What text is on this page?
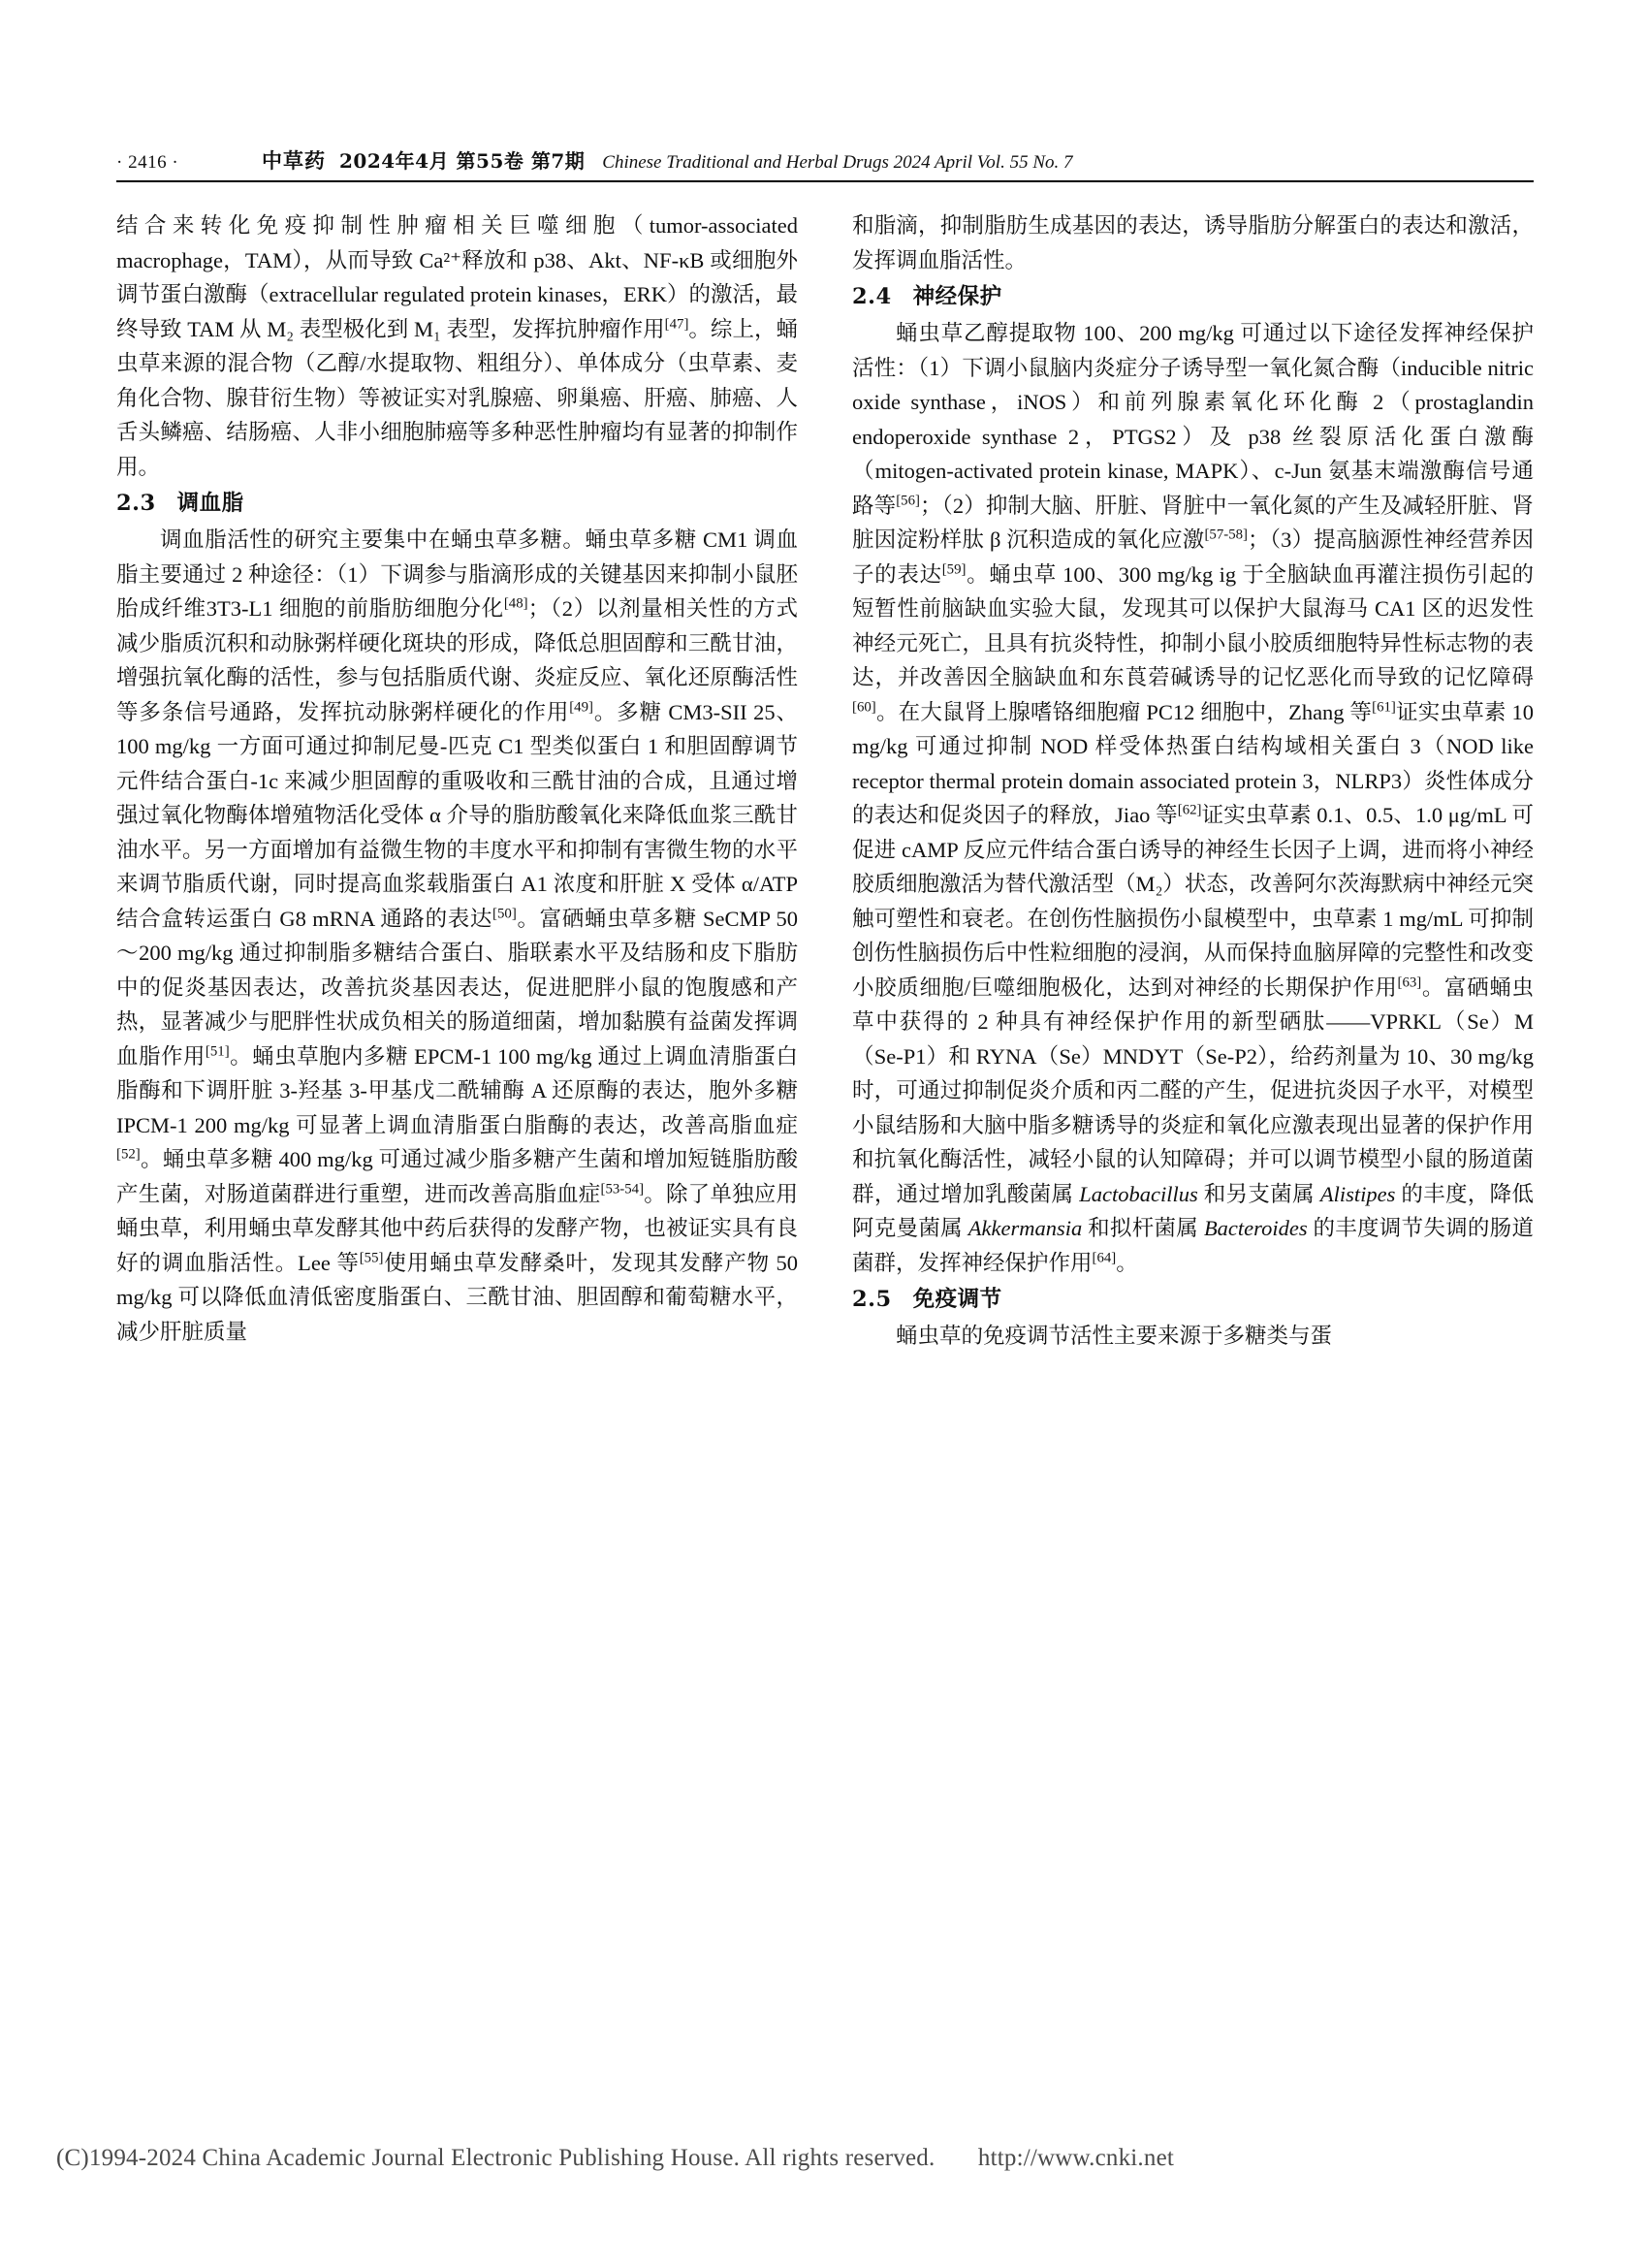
· 2416 ·	中草药 2024年4月 第55卷 第7期 Chinese Traditional and Herbal Drugs 2024 April Vol. 55 No. 7

结合来转化免疫抑制性肿瘤相关巨噬细胞（tumor-associated macrophage，TAM），从而导致 Ca²⁺释放和 p38、Akt、NF-κB 或细胞外调节蛋白激酶（extracellular regulated protein kinases，ERK）的激活，最终导致 TAM 从 M₂ 表型极化到 M₁ 表型，发挥抗肿瘤作用[47]。综上，蛹虫草来源的混合物（乙醇/水提取物、粗组分）、单体成分（虫草素、麦角化合物、腺苷衍生物）等被证实对乳腺癌、卵巢癌、肝癌、肺癌、人舌头鳞癌、结肠癌、人非小细胞肺癌等多种恶性肿瘤均有显著的抑制作用。

2.3 调血脂

调血脂活性的研究主要集中在蛹虫草多糖。蛹虫草多糖 CM1 调血脂主要通过 2 种途径：（1）下调参与脂滴形成的关键基因来抑制小鼠胚胎成纤维3T3-L1 细胞的前脂肪细胞分化[48]；（2）以剂量相关性的方式减少脂质沉积和动脉粥样硬化斑块的形成，降低总胆固醇和三酰甘油，增强抗氧化酶的活性，参与包括脂质代谢、炎症反应、氧化还原酶活性等多条信号通路，发挥抗动脉粥样硬化的作用[49]。多糖 CM3-SII 25、100 mg/kg 一方面可通过抑制尼曼-匹克 C1 型类似蛋白 1 和胆固醇调节元件结合蛋白-1c 来减少胆固醇的重吸收和三酰甘油的合成，且通过增强过氧化物酶体增殖物活化受体 α 介导的脂肪酸氧化来降低血浆三酰甘油水平。另一方面增加有益微生物的丰度水平和抑制有害微生物的水平来调节脂质代谢，同时提高血浆载脂蛋白 A1 浓度和肝脏 X 受体 α/ATP 结合盒转运蛋白 G8 mRNA 通路的表达[50]。富硒蛹虫草多糖 SeCMP 50～200 mg/kg 通过抑制脂多糖结合蛋白、脂联素水平及结肠和皮下脂肪中的促炎基因表达，改善抗炎基因表达，促进肥胖小鼠的饱腹感和产热，显著减少与肥胖性状成负相关的肠道细菌，增加黏膜有益菌发挥调血脂作用[51]。蛹虫草胞内多糖 EPCM-1 100 mg/kg 通过上调血清脂蛋白脂酶和下调肝脏 3-羟基 3-甲基戊二酰辅酶 A 还原酶的表达，胞外多糖 IPCM-1 200 mg/kg 可显著上调血清脂蛋白脂酶的表达，改善高脂血症[52]。蛹虫草多糖 400 mg/kg 可通过减少脂多糖产生菌和增加短链脂肪酸产生菌，对肠道菌群进行重塑，进而改善高脂血症[53-54]。除了单独应用蛹虫草，利用蛹虫草发酵其他中药后获得的发酵产物，也被证实具有良好的调血脂活性。Lee 等[55]使用蛹虫草发酵桑叶，发现其发酵产物 50 mg/kg 可以降低血清低密度脂蛋白、三酰甘油、胆固醇和葡萄糖水平，减少肝脏质量

和脂滴，抑制脂肪生成基因的表达，诱导脂肪分解蛋白的表达和激活，发挥调血脂活性。

2.4 神经保护

蛹虫草乙醇提取物 100、200 mg/kg 可通过以下途径发挥神经保护活性：（1）下调小鼠脑内炎症分子诱导型一氧化氮合酶（inducible nitric oxide synthase，iNOS）和前列腺素氧化环化酶 2（prostaglandin endoperoxide synthase 2，PTGS2）及 p38 丝裂原活化蛋白激酶（mitogen-activated protein kinase, MAPK）、c-Jun 氨基末端激酶信号通路等[56]；（2）抑制大脑、肝脏、肾脏中一氧化氮的产生及减轻肝脏、肾脏因淀粉样肽 β 沉积造成的氧化应激[57-58]；（3）提高脑源性神经营养因子的表达[59]。蛹虫草 100、300 mg/kg ig 于全脑缺血再灌注损伤引起的短暂性前脑缺血实验大鼠，发现其可以保护大鼠海马 CA1 区的迟发性神经元死亡，且具有抗炎特性，抑制小鼠小胶质细胞特异性标志物的表达，并改善因全脑缺血和东莨菪碱诱导的记忆恶化而导致的记忆障碍[60]。在大鼠肾上腺嗜铬细胞瘤 PC12 细胞中，Zhang 等[61]证实虫草素 10 mg/kg 可通过抑制 NOD 样受体热蛋白结构域相关蛋白 3（NOD like receptor thermal protein domain associated protein 3，NLRP3）炎性体成分的表达和促炎因子的释放，Jiao 等[62]证实虫草素 0.1、0.5、1.0 μg/mL 可促进 cAMP 反应元件结合蛋白诱导的神经生长因子上调，进而将小神经胶质细胞激活为替代激活型（M₂）状态，改善阿尔茨海默病中神经元突触可塑性和衰老。在创伤性脑损伤小鼠模型中，虫草素 1 mg/mL 可抑制创伤性脑损伤后中性粒细胞的浸润，从而保持血脑屏障的完整性和改变小胶质细胞/巨噬细胞极化，达到对神经的长期保护作用[63]。富硒蛹虫草中获得的 2 种具有神经保护作用的新型硒肽——VPRKL（Se）M（Se-P1）和 RYNA（Se）MNDYT（Se-P2），给药剂量为 10、30 mg/kg 时，可通过抑制促炎介质和丙二醛的产生，促进抗炎因子水平，对模型小鼠结肠和大脑中脂多糖诱导的炎症和氧化应激表现出显著的保护作用和抗氧化酶活性，减轻小鼠的认知障碍；并可以调节模型小鼠的肠道菌群，通过增加乳酸菌属 Lactobacillus 和另支菌属 Alistipes 的丰度，降低阿克曼菌属 Akkermansia 和拟杆菌属 Bacteroides 的丰度调节失调的肠道菌群，发挥神经保护作用[64]。

2.5 免疫调节

蛹虫草的免疫调节活性主要来源于多糖类与蛋

(C)1994-2024 China Academic Journal Electronic Publishing House. All rights reserved. http://www.cnki.net
